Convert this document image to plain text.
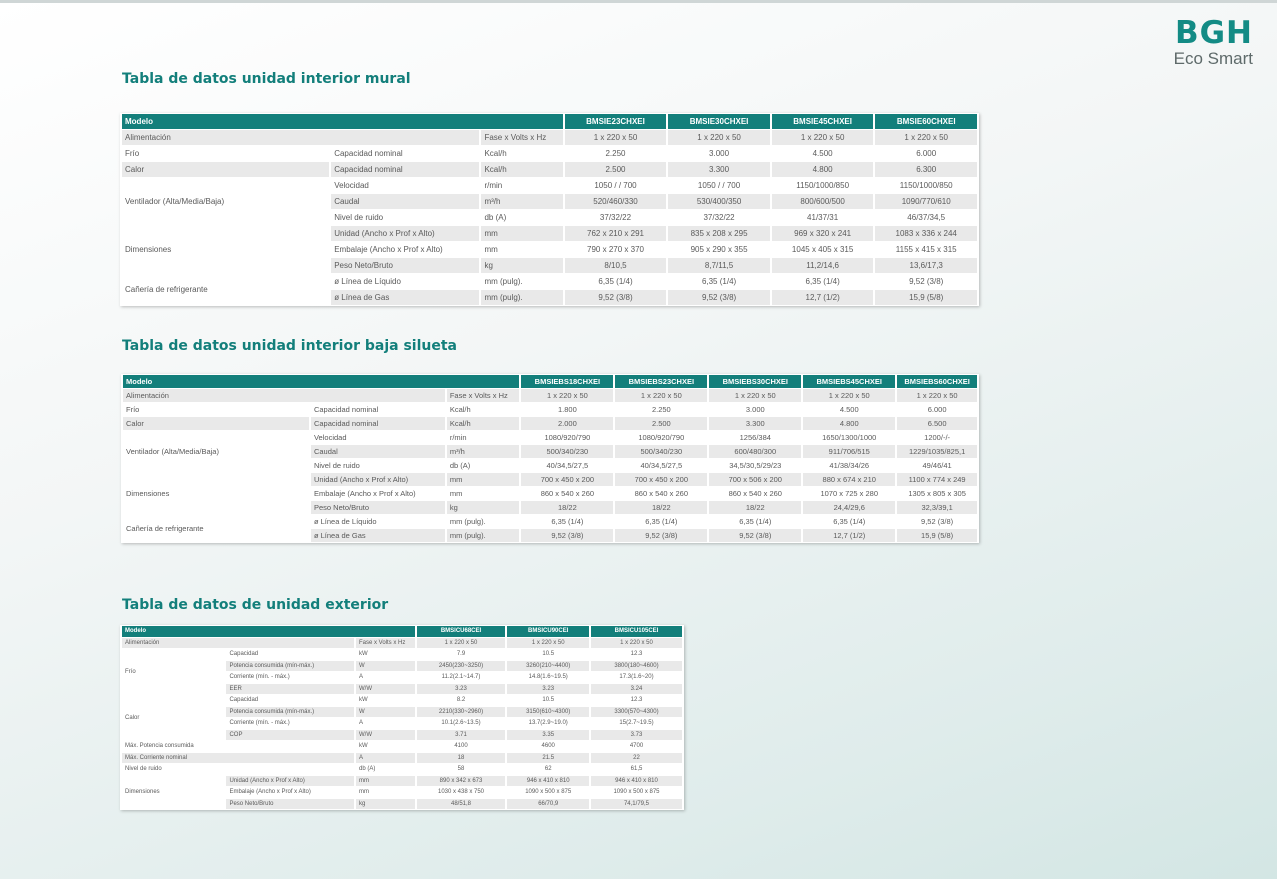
BGH
Eco Smart
Tabla de datos unidad interior mural
Modelo			BMSIE23CHXEI	BMSIE30CHXEI	BMSIE45CHXEI	BMSIE60CHXEI
Alimentación		Fase x Volts x Hz	1 x 220 x 50	1 x 220 x 50	1 x 220 x 50	1 x 220 x 50
Frío	Capacidad nominal	Kcal/h	2.250	3.000	4.500	6.000
Calor	Capacidad nominal	Kcal/h	2.500	3.300	4.800	6.300
Ventilador (Alta/Media/Baja)	Velocidad	r/min	1050 / / 700	1050 / / 700	1150/1000/850	1150/1000/850
	Caudal	m³/h	520/460/330	530/400/350	800/600/500	1090/770/610
	Nivel de ruido	db (A)	37/32/22	37/32/22	41/37/31	46/37/34,5
Dimensiones	Unidad (Ancho x Prof x Alto)	mm	762 x 210 x 291	835 x 208 x 295	969 x 320 x 241	1083 x 336 x 244
	Embalaje (Ancho x Prof x Alto)	mm	790 x 270 x 370	905 x 290 x 355	1045 x 405 x 315	1155 x 415 x 315
	Peso Neto/Bruto	kg	8/10,5	8,7/11,5	11,2/14,6	13,6/17,3
Cañería de refrigerante	ø Línea de Líquido	mm (pulg).	6,35 (1/4)	6,35 (1/4)	6,35 (1/4)	9,52 (3/8)
	ø Línea de Gas	mm (pulg).	9,52 (3/8)	9,52 (3/8)	12,7 (1/2)	15,9 (5/8)
Tabla de datos unidad interior baja silueta
Modelo			BMSIEBS18CHXEI	BMSIEBS23CHXEI	BMSIEBS30CHXEI	BMSIEBS45CHXEI	BMSIEBS60CHXEI
Alimentación		Fase x Volts x Hz	1 x 220 x 50	1 x 220 x 50	1 x 220 x 50	1 x 220 x 50	1 x 220 x 50
Frío	Capacidad nominal	Kcal/h	1.800	2.250	3.000	4.500	6.000
Calor	Capacidad nominal	Kcal/h	2.000	2.500	3.300	4.800	6.500
Ventilador (Alta/Media/Baja)	Velocidad	r/min	1080/920/790	1080/920/790	1256/384	1650/1300/1000	1200/-/-
	Caudal	m³/h	500/340/230	500/340/230	600/480/300	911/706/515	1229/1035/825,1
	Nivel de ruido	db (A)	40/34,5/27,5	40/34,5/27,5	34,5/30,5/29/23	41/38/34/26	49/46/41
Dimensiones	Unidad (Ancho x Prof x Alto)	mm	700 x 450 x 200	700 x 450 x 200	700 x 506 x 200	880 x 674 x 210	1100 x 774 x 249
	Embalaje (Ancho x Prof x Alto)	mm	860 x 540 x 260	860 x 540 x 260	860 x 540 x 260	1070 x 725 x 280	1305 x 805 x 305
	Peso Neto/Bruto	kg	18/22	18/22	18/22	24,4/29,6	32,3/39,1
Cañería de refrigerante	ø Línea de Líquido	mm (pulg).	6,35 (1/4)	6,35 (1/4)	6,35 (1/4)	6,35 (1/4)	9,52 (3/8)
	ø Línea de Gas	mm (pulg).	9,52 (3/8)	9,52 (3/8)	9,52 (3/8)	12,7 (1/2)	15,9 (5/8)
Tabla de datos de unidad exterior
Modelo			BMSICU68CEI	BMSICU90CEI	BMSICU105CEI
Alimentación		Fase x Volts x Hz	1 x 220 x 50	1 x 220 x 50	1 x 220 x 50
Frío	Capacidad	kW	7.9	10.5	12.3
	Potencia consumida (mín-máx.)	W	2450(230~3250)	3260(210~4400)	3800(180~4600)
	Corriente (mín. - máx.)	A	11.2(2.1~14.7)	14.8(1.6~19.5)	17.3(1.6~20)
	EER	W/W	3.23	3.23	3.24
Calor	Capacidad	kW	8.2	10.5	12.3
	Potencia consumida (mín-máx.)	W	2210(330~2960)	3150(610~4300)	3300(570~4300)
	Corriente (mín. - máx.)	A	10.1(2.6~13.5)	13.7(2.9~19.0)	15(2.7~19.5)
	COP	W/W	3.71	3.35	3.73
Máx. Potencia consumida		kW	4100	4600	4700
Máx. Corriente nominal		A	18	21.5	22
Nivel de ruido		db (A)	58	62	61,5
Dimensiones	Unidad (Ancho x Prof x Alto)	mm	890 x 342 x 673	946 x 410 x 810	946 x 410 x 810
	Embalaje (Ancho x Prof x Alto)	mm	1030 x 438 x 750	1090 x 500 x 875	1090 x 500 x 875
	Peso Neto/Bruto	kg	48/51,8	66/70,9	74,1/79,5
